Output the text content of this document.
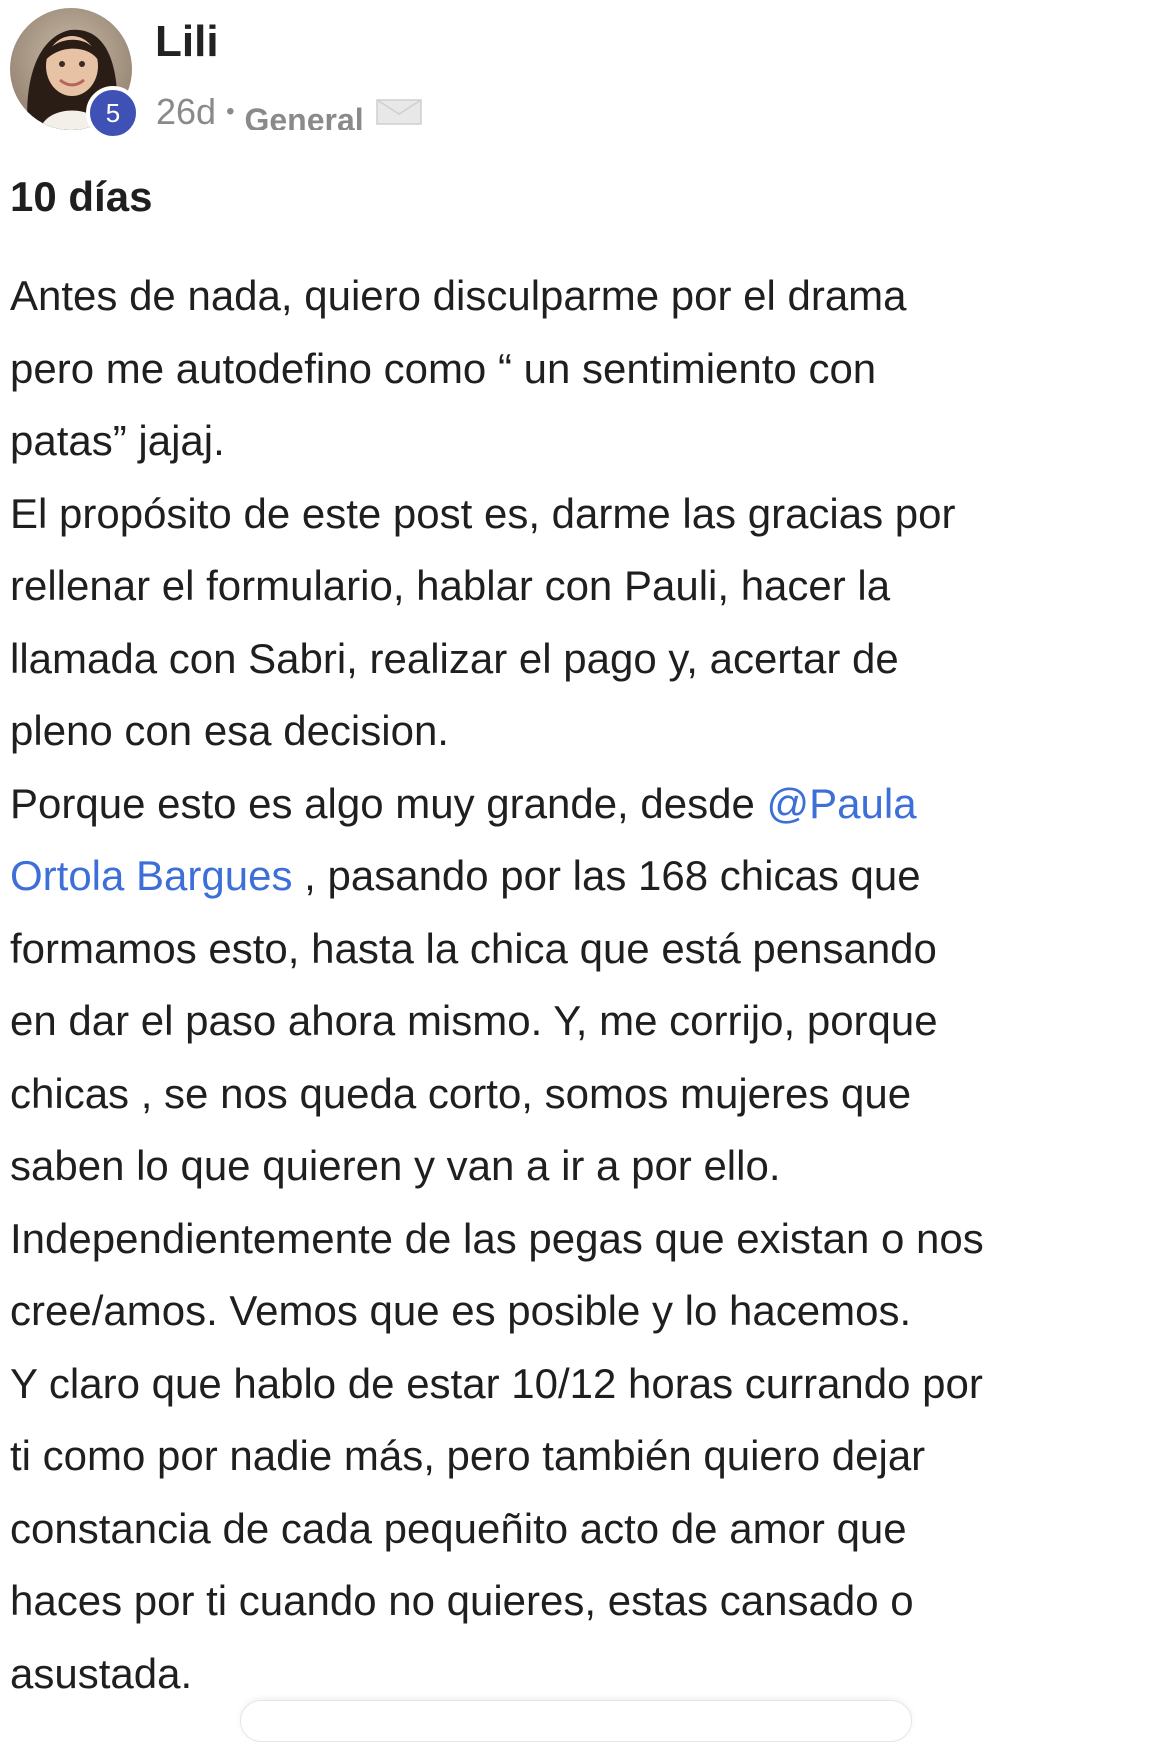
5
Lili
26d • General
10 días
Antes de nada, quiero disculparme por el drama
pero me autodefino como “ un sentimiento con
patas” jajaj.
El propósito de este post es, darme las gracias por
rellenar el formulario, hablar con Pauli, hacer la
llamada con Sabri, realizar el pago y, acertar de
pleno con esa decision.
Porque esto es algo muy grande, desde @Paula
Ortola Bargues , pasando por las 168 chicas que
formamos esto, hasta la chica que está pensando
en dar el paso ahora mismo. Y, me corrijo, porque
chicas , se nos queda corto, somos mujeres que
saben lo que quieren y van a ir a por ello.
Independientemente de las pegas que existan o nos
cree/amos. Vemos que es posible y lo hacemos.
Y claro que hablo de estar 10/12 horas currando por
ti como por nadie más, pero también quiero dejar
constancia de cada pequeñito acto de amor que
haces por ti cuando no quieres, estas cansado o
asustada.
